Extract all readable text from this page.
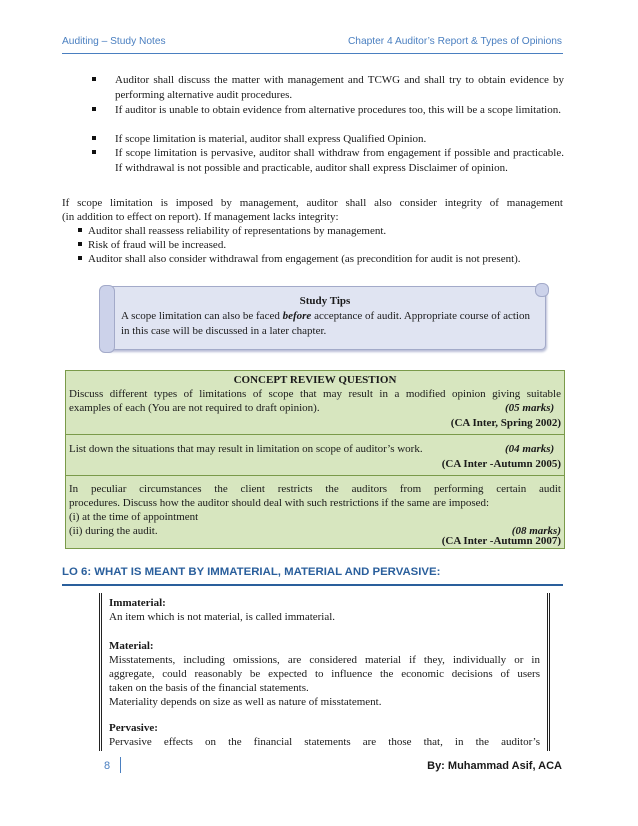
Auditing – Study Notes	Chapter 4 Auditor’s Report & Types of Opinions
Auditor shall discuss the matter with management and TCWG and shall try to obtain evidence by performing alternative audit procedures.
If auditor is unable to obtain evidence from alternative procedures too, this will be a scope limitation.
If scope limitation is material, auditor shall express Qualified Opinion.
If scope limitation is pervasive, auditor shall withdraw from engagement if possible and practicable. If withdrawal is not possible and practicable, auditor shall express Disclaimer of opinion.
If scope limitation is imposed by management, auditor shall also consider integrity of management
(in addition to effect on report). If management lacks integrity:
Auditor shall reassess reliability of representations by management.
Risk of fraud will be increased.
Auditor shall also consider withdrawal from engagement (as precondition for audit is not present).
Study Tips
A scope limitation can also be faced before acceptance of audit. Appropriate course of action in this case will be discussed in a later chapter.
CONCEPT REVIEW QUESTION
Discuss different types of limitations of scope that may result in a modified opinion giving suitable
examples of each (You are not required to draft opinion).	(05 marks)
(CA Inter, Spring 2002)
List down the situations that may result in limitation on scope of auditor’s work.	(04 marks)
(CA Inter -Autumn 2005)
In peculiar circumstances the client restricts the auditors from performing certain audit
procedures. Discuss how the auditor should deal with such restrictions if the same are imposed:
(i) at the time of appointment
(ii) during the audit.	(08 marks)
(CA Inter -Autumn 2007)
LO 6: WHAT IS MEANT BY IMMATERIAL, MATERIAL AND PERVASIVE:
Immaterial:
An item which is not material, is called immaterial.
Material:
Misstatements, including omissions, are considered material if they, individually or in
aggregate, could reasonably be expected to influence the economic decisions of users
taken on the basis of the financial statements.
Materiality depends on size as well as nature of misstatement.
Pervasive:
Pervasive effects on the financial statements are those that, in the auditor’s
8	By: Muhammad Asif, ACA
